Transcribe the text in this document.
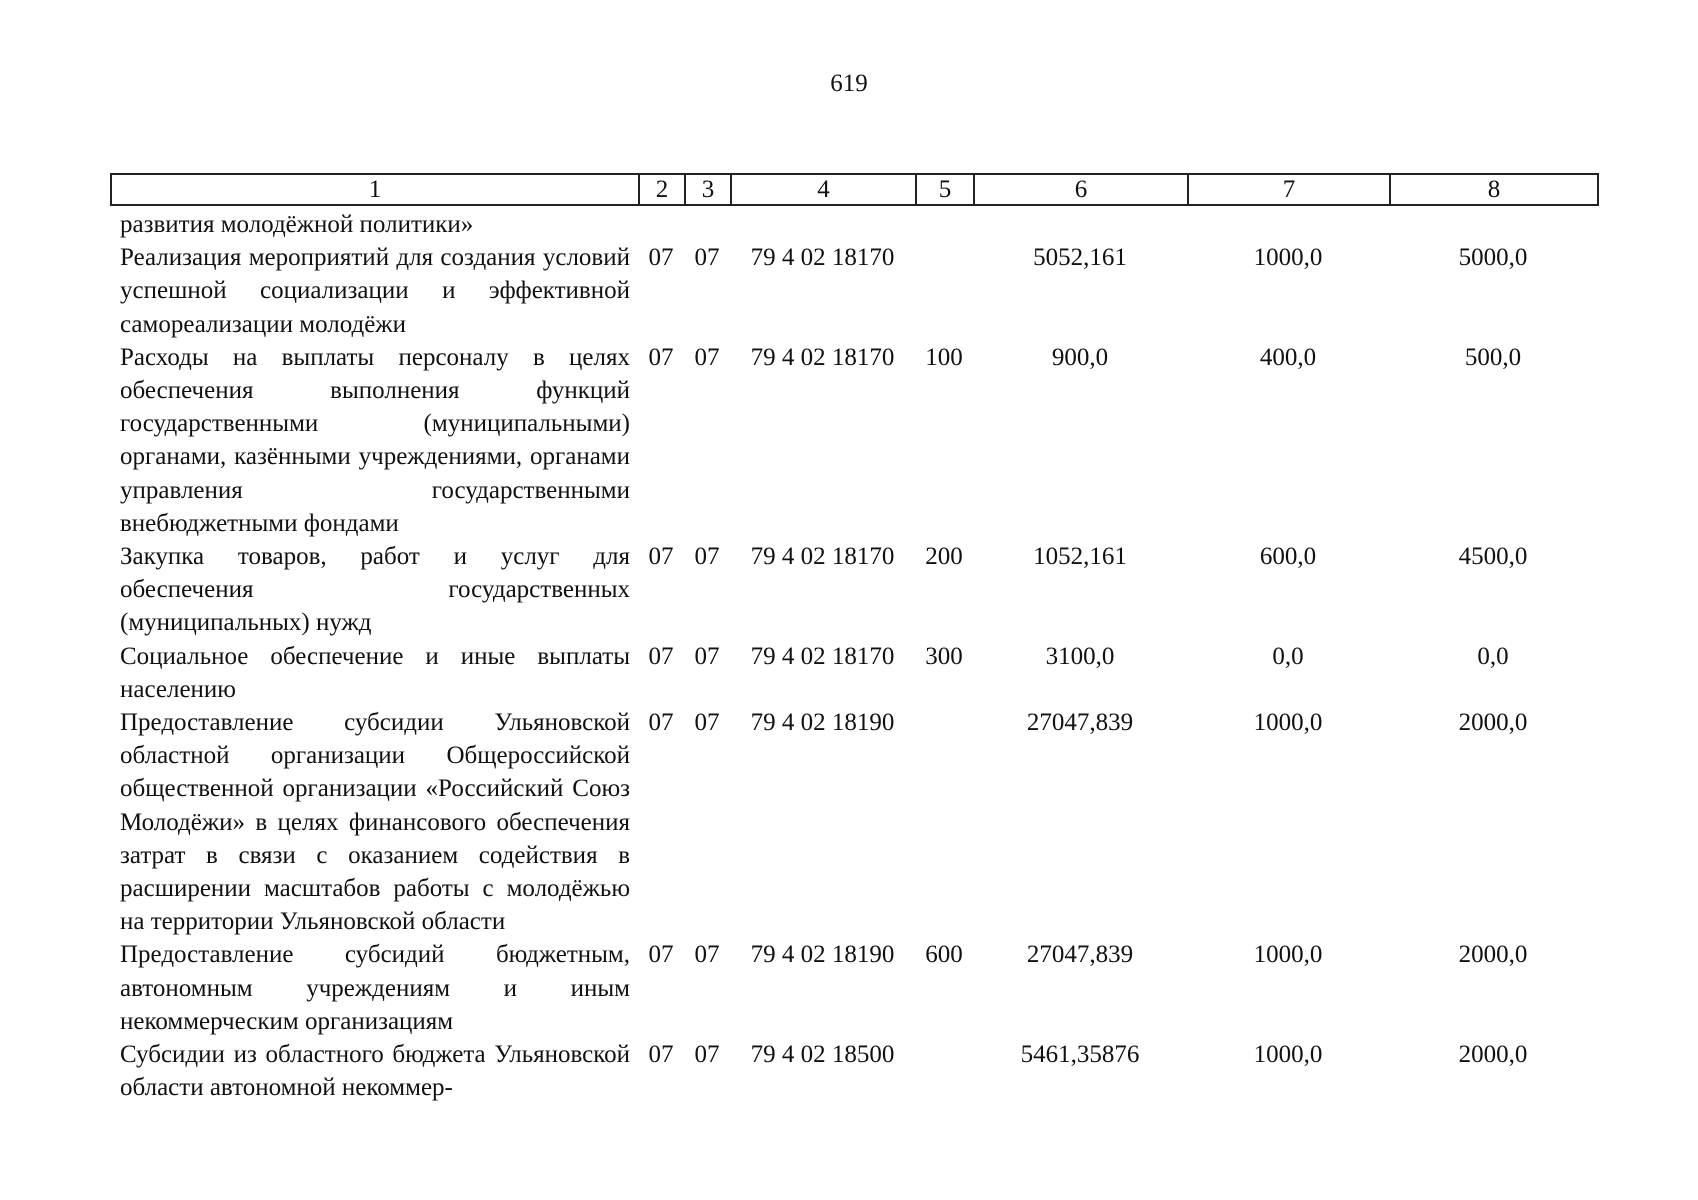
619
1	2	3	4	5	6	7	8
развития молодёжной политики»							
Реализация мероприятий для создания условий успешной социализации и эффективной самореализации молодёжи	07	07	79 4 02 18170		5052,161	1000,0	5000,0
Расходы на выплаты персоналу в целях обеспечения выполнения функций государственными (муниципальными) органами, казёнными учреждениями, органами управления государственными внебюджетными фондами	07	07	79 4 02 18170	100	900,0	400,0	500,0
Закупка товаров, работ и услуг для обеспечения государственных (муниципальных) нужд	07	07	79 4 02 18170	200	1052,161	600,0	4500,0
Социальное обеспечение и иные выплаты населению	07	07	79 4 02 18170	300	3100,0	0,0	0,0
Предоставление субсидии Ульяновской областной организации Общероссийской общественной организации «Российский Союз Молодёжи» в целях финансового обеспечения затрат в связи с оказанием содействия в расширении масштабов работы с молодёжью на территории Ульяновской области	07	07	79 4 02 18190		27047,839	1000,0	2000,0
Предоставление субсидий бюджетным, автономным учреждениям и иным некоммерческим организациям	07	07	79 4 02 18190	600	27047,839	1000,0	2000,0
Субсидии из областного бюджета Ульяновской области автономной некоммер-	07	07	79 4 02 18500		5461,35876	1000,0	2000,0
